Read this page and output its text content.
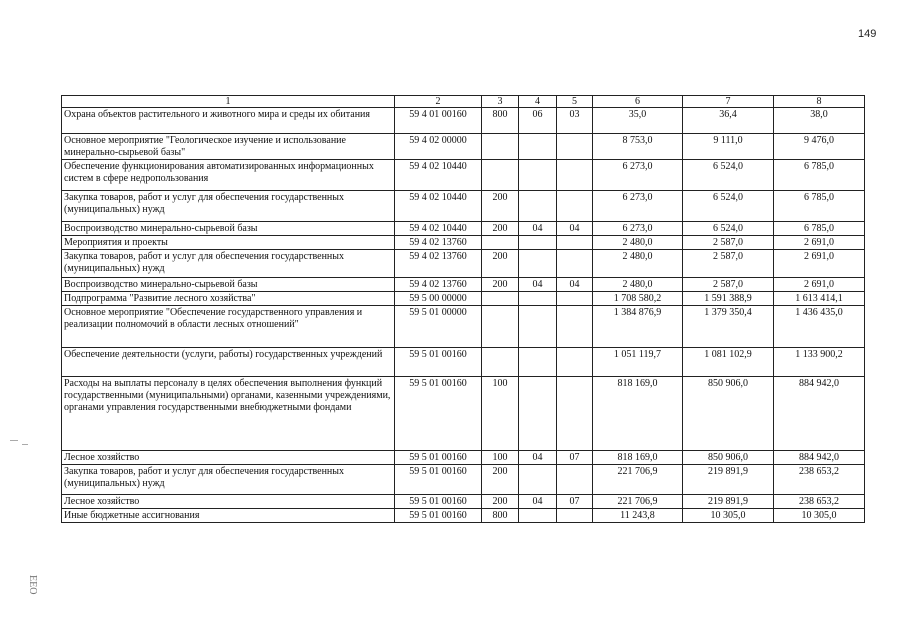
149
ЕЕО
1	2	3	4	5	6	7	8
Охрана объектов растительного и животного мира и среды их обитания	59 4 01 00160	800	06	03	35,0	36,4	38,0
Основное мероприятие "Геологическое изучение и использование минерально-сырьевой базы"	59 4 02 00000				8 753,0	9 111,0	9 476,0
Обеспечение функционирования автоматизированных информационных систем в сфере недропользования	59 4 02 10440				6 273,0	6 524,0	6 785,0
Закупка товаров, работ и услуг для обеспечения государственных (муниципальных) нужд	59 4 02 10440	200			6 273,0	6 524,0	6 785,0
Воспроизводство минерально-сырьевой базы	59 4 02 10440	200	04	04	6 273,0	6 524,0	6 785,0
Мероприятия и проекты	59 4 02 13760				2 480,0	2 587,0	2 691,0
Закупка товаров, работ и услуг для обеспечения государственных (муниципальных) нужд	59 4 02 13760	200			2 480,0	2 587,0	2 691,0
Воспроизводство минерально-сырьевой базы	59 4 02 13760	200	04	04	2 480,0	2 587,0	2 691,0
Подпрограмма "Развитие лесного хозяйства"	59 5 00 00000				1 708 580,2	1 591 388,9	1 613 414,1
Основное мероприятие "Обеспечение государственного управления и реализации полномочий в области лесных отношений"	59 5 01 00000				1 384 876,9	1 379 350,4	1 436 435,0
Обеспечение деятельности (услуги, работы) государственных учреждений	59 5 01 00160				1 051 119,7	1 081 102,9	1 133 900,2
Расходы на выплаты персоналу в целях обеспечения выполнения функций государственными (муниципальными) органами, казенными учреждениями, органами управления государственными внебюджетными фондами	59 5 01 00160	100			818 169,0	850 906,0	884 942,0
Лесное хозяйство	59 5 01 00160	100	04	07	818 169,0	850 906,0	884 942,0
Закупка товаров, работ и услуг для обеспечения государственных (муниципальных) нужд	59 5 01 00160	200			221 706,9	219 891,9	238 653,2
Лесное хозяйство	59 5 01 00160	200	04	07	221 706,9	219 891,9	238 653,2
Иные бюджетные ассигнования	59 5 01 00160	800			11 243,8	10 305,0	10 305,0
